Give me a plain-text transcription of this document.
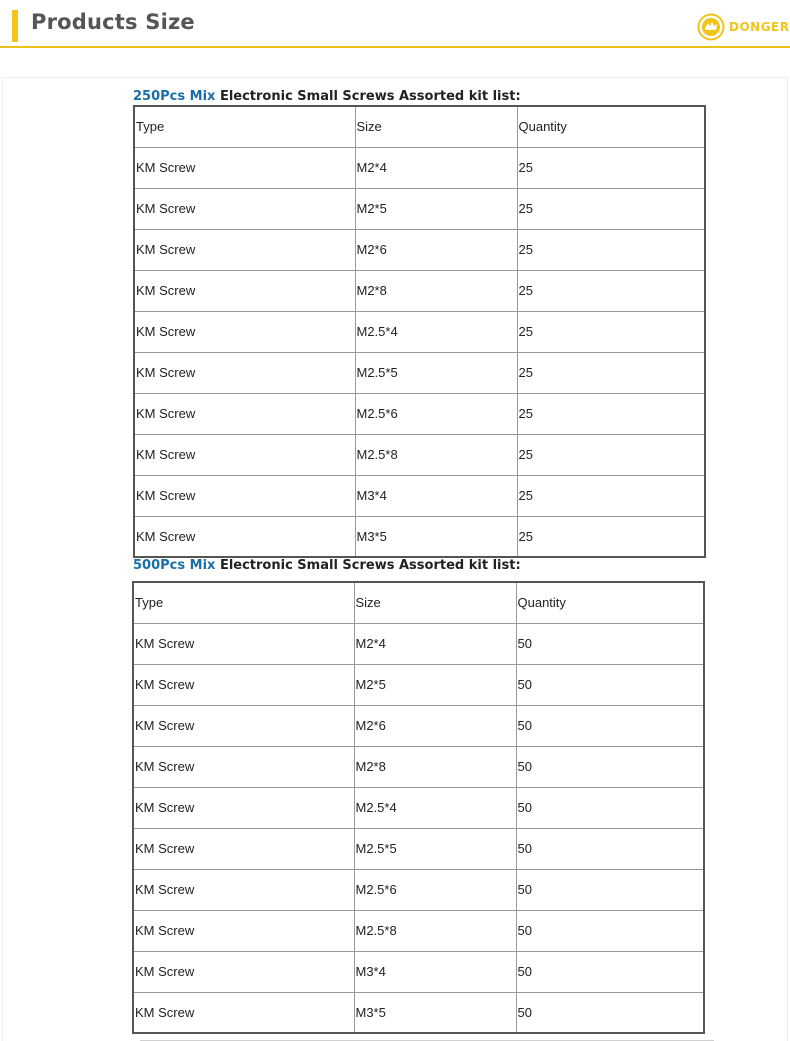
Products Size	DONGER
250Pcs Mix Electronic Small Screws Assorted kit list:
Type	Size	Quantity
KM Screw	M2*4	25
KM Screw	M2*5	25
KM Screw	M2*6	25
KM Screw	M2*8	25
KM Screw	M2.5*4	25
KM Screw	M2.5*5	25
KM Screw	M2.5*6	25
KM Screw	M2.5*8	25
KM Screw	M3*4	25
KM Screw	M3*5	25
500Pcs Mix Electronic Small Screws Assorted kit list:
Type	Size	Quantity
KM Screw	M2*4	50
KM Screw	M2*5	50
KM Screw	M2*6	50
KM Screw	M2*8	50
KM Screw	M2.5*4	50
KM Screw	M2.5*5	50
KM Screw	M2.5*6	50
KM Screw	M2.5*8	50
KM Screw	M3*4	50
KM Screw	M3*5	50
